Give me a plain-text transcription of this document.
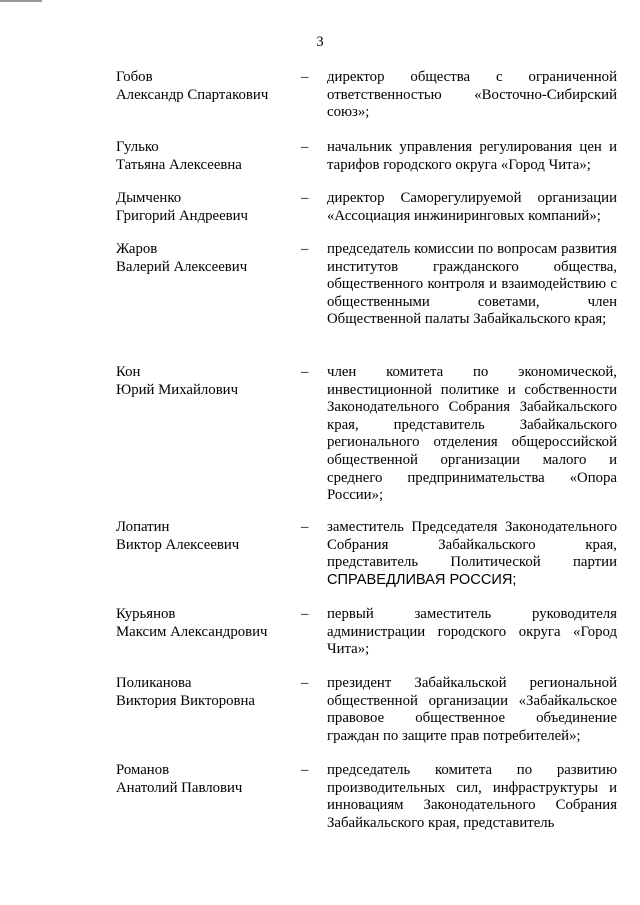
3
Гобов
Александр Спартакович
– директор общества с ограниченной ответственностью «Восточно-Сибирский союз»;
Гулько
Татьяна Алексеевна
– начальник управления регулирования цен и тарифов городского округа «Город Чита»;
Дымченко
Григорий Андреевич
– директор Саморегулируемой организации «Ассоциация инжиниринговых компаний»;
Жаров
Валерий Алексеевич
– председатель комиссии по вопросам развития институтов гражданского общества, общественного контроля и взаимодействию с общественными советами, член Общественной палаты Забайкальского края;
Кон
Юрий Михайлович
– член комитета по экономической, инвестиционной политике и собственности Законодательного Собрания Забайкальского края, представитель Забайкальского регионального отделения общероссийской общественной организации малого и среднего предпринимательства «Опора России»;
Лопатин
Виктор Алексеевич
– заместитель Председателя Законодательного Собрания Забайкальского края, представитель Политической партии СПРАВЕДЛИВАЯ РОССИЯ;
Курьянов
Максим Александрович
– первый заместитель руководителя администрации городского округа «Город Чита»;
Поликанова
Виктория Викторовна
– президент Забайкальской региональной общественной организации «Забайкальское правовое общественное объединение граждан по защите прав потребителей»;
Романов
Анатолий Павлович
– председатель комитета по развитию производительных сил, инфраструктуры и инновациям Законодательного Собрания Забайкальского края, представитель
